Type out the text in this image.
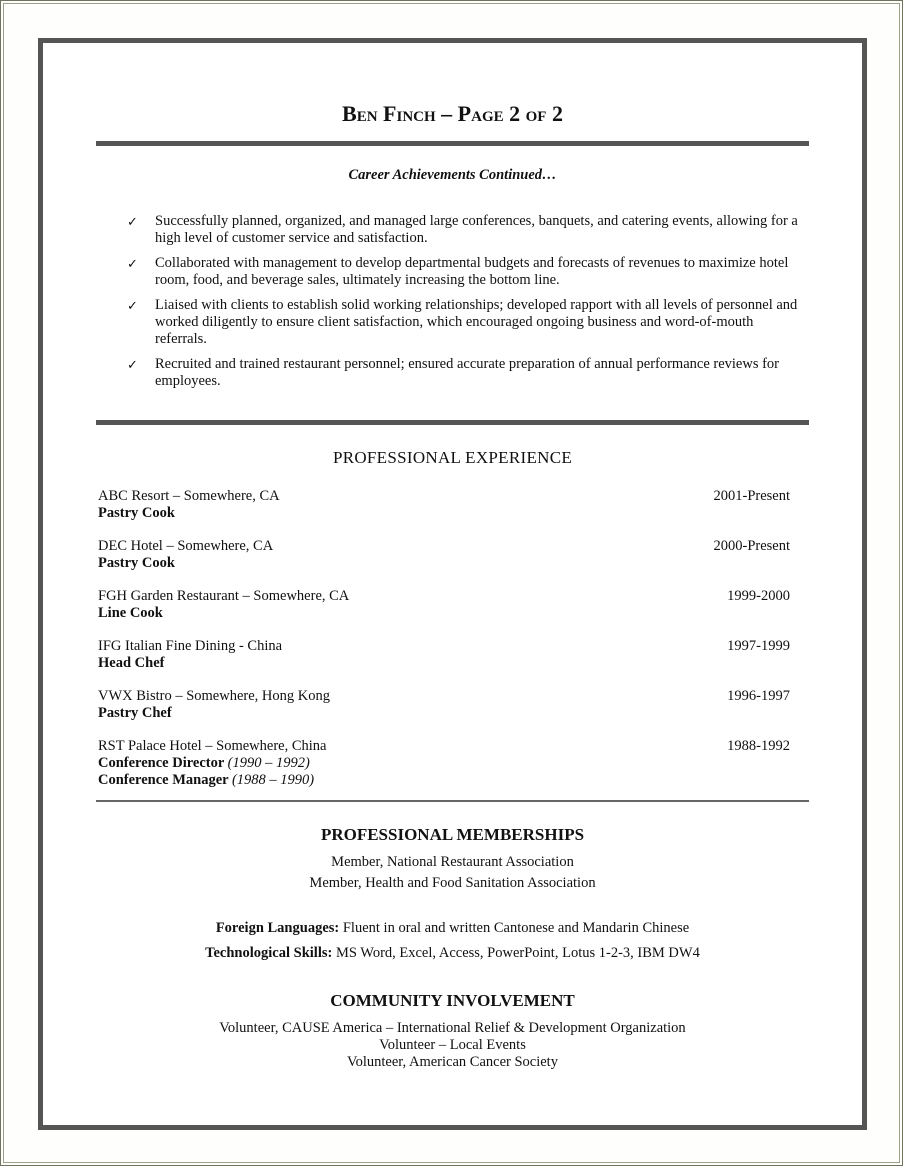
Ben Finch – Page 2 of 2
Career Achievements Continued…
✓ Successfully planned, organized, and managed large conferences, banquets, and catering events, allowing for a high level of customer service and satisfaction.
✓ Collaborated with management to develop departmental budgets and forecasts of revenues to maximize hotel room, food, and beverage sales, ultimately increasing the bottom line.
✓ Liaised with clients to establish solid working relationships; developed rapport with all levels of personnel and worked diligently to ensure client satisfaction, which encouraged ongoing business and word-of-mouth referrals.
✓ Recruited and trained restaurant personnel; ensured accurate preparation of annual performance reviews for employees.
PROFESSIONAL EXPERIENCE
ABC Resort – Somewhere, CA	2001-Present
Pastry Cook
DEC Hotel – Somewhere, CA	2000-Present
Pastry Cook
FGH Garden Restaurant – Somewhere, CA	1999-2000
Line Cook
IFG Italian Fine Dining - China	1997-1999
Head Chef
VWX Bistro – Somewhere, Hong Kong	1996-1997
Pastry Chef
RST Palace Hotel – Somewhere, China	1988-1992
Conference Director (1990 – 1992)
Conference Manager (1988 – 1990)
PROFESSIONAL MEMBERSHIPS
Member, National Restaurant Association
Member, Health and Food Sanitation Association
Foreign Languages: Fluent in oral and written Cantonese and Mandarin Chinese
Technological Skills: MS Word, Excel, Access, PowerPoint, Lotus 1-2-3, IBM DW4
COMMUNITY INVOLVEMENT
Volunteer, CAUSE America – International Relief & Development Organization
Volunteer – Local Events
Volunteer, American Cancer Society
